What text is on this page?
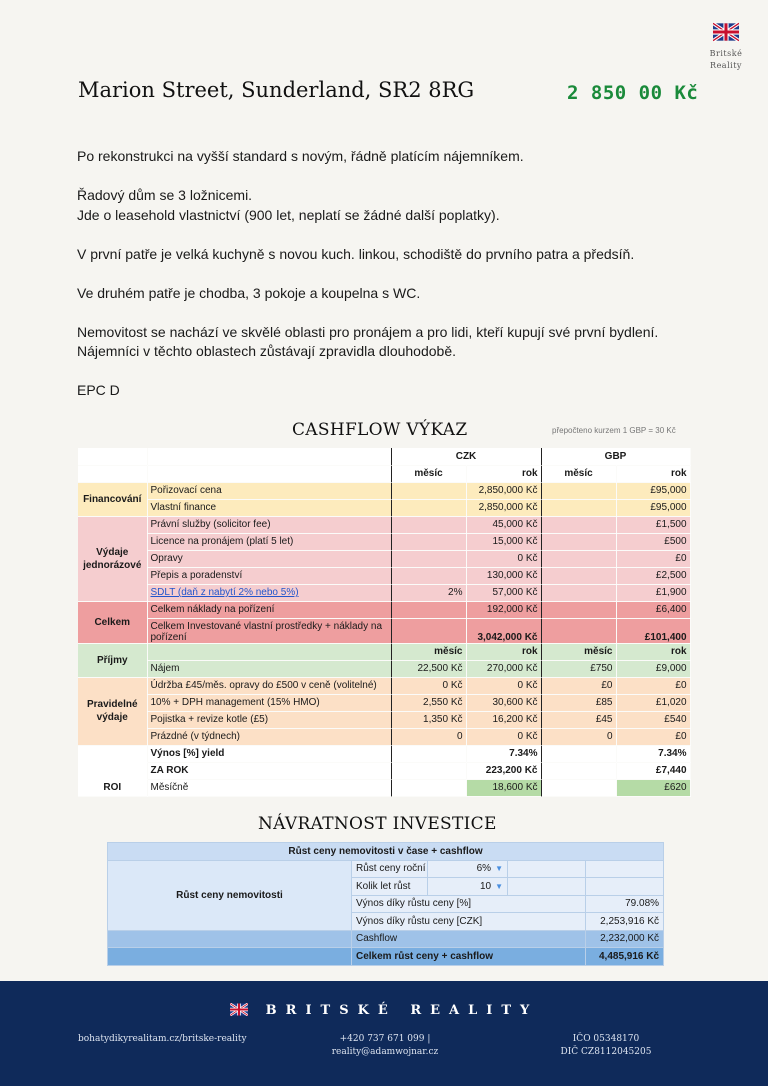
Britské
Reality
Marion Street, Sunderland, SR2 8RG	2 850 00 Kč
Po rekonstrukci na vyšší standard s novým, řádně platícím nájemníkem.
Řadový dům se 3 ložnicemi.
Jde o leasehold vlastnictví (900 let, neplatí se žádné další poplatky).
V první patře je velká kuchyně s novou kuch. linkou, schodiště do prvního patra a předsíň.
Ve druhém patře je chodba, 3 pokoje a koupelna s WC.
Nemovitost se nachází ve skvělé oblasti pro pronájem a pro lidi, kteří kupují své první bydlení.
Nájemníci v těchto oblastech zůstávají zpravidla dlouhodobě.
EPC D
CASHFLOW VÝKAZ	přepočteno kurzem 1 GBP = 30 Kč
		CZK		GBP	
		měsíc	rok	měsíc	rok
Financování	Pořizovací cena		2,850,000 Kč		£95,000
	Vlastní finance		2,850,000 Kč		£95,000
Výdaje jednorázové	Právní služby (solicitor fee)		45,000 Kč		£1,500
	Licence na pronájem (platí 5 let)		15,000 Kč		£500
	Opravy		0 Kč		£0
	Přepis a poradenství		130,000 Kč		£2,500
	SDLT (daň z nabytí 2% nebo 5%)	2%	57,000 Kč		£1,900
Celkem	Celkem náklady na pořízení		192,000 Kč		£6,400
	Celkem Investované vlastní prostředky + náklady na pořízení		3,042,000 Kč		£101,400
Příjmy		měsíc	rok	měsíc	rok
	Nájem	22,500 Kč	270,000 Kč	£750	£9,000
Pravidelné výdaje	Údržba £45/měs. opravy do £500 v ceně (volitelné)	0 Kč	0 Kč	£0	£0
	10% + DPH management (15% HMO)	2,550 Kč	30,600 Kč	£85	£1,020
	Pojistka + revize kotle (£5)	1,350 Kč	16,200 Kč	£45	£540
	Prázdné (v týdnech)	0	0 Kč	0	£0
ROI	Výnos [%] yield		7.34%		7.34%
	ZA ROK		223,200 Kč		£7,440
	Měsíčně		18,600 Kč		£620
NÁVRATNOST INVESTICE
Růst ceny nemovitosti v čase + cashflow				
Růst ceny nemovitosti	Růst ceny roční	6% ▼		
	Kolik let růst	10 ▼		
	Výnos díky růstu ceny [%]			79.08%
	Výnos díky růstu ceny [CZK]			2,253,916 Kč
	Cashflow			2,232,000 Kč
	Celkem růst ceny + cashflow			4,485,916 Kč
BRITSKÉ REALITY
bohatydikyrealitam.cz/britske-reality	+420 737 671 099 |
reality@adamwojnar.cz
IČO 05348170
DIČ CZ8112045205
